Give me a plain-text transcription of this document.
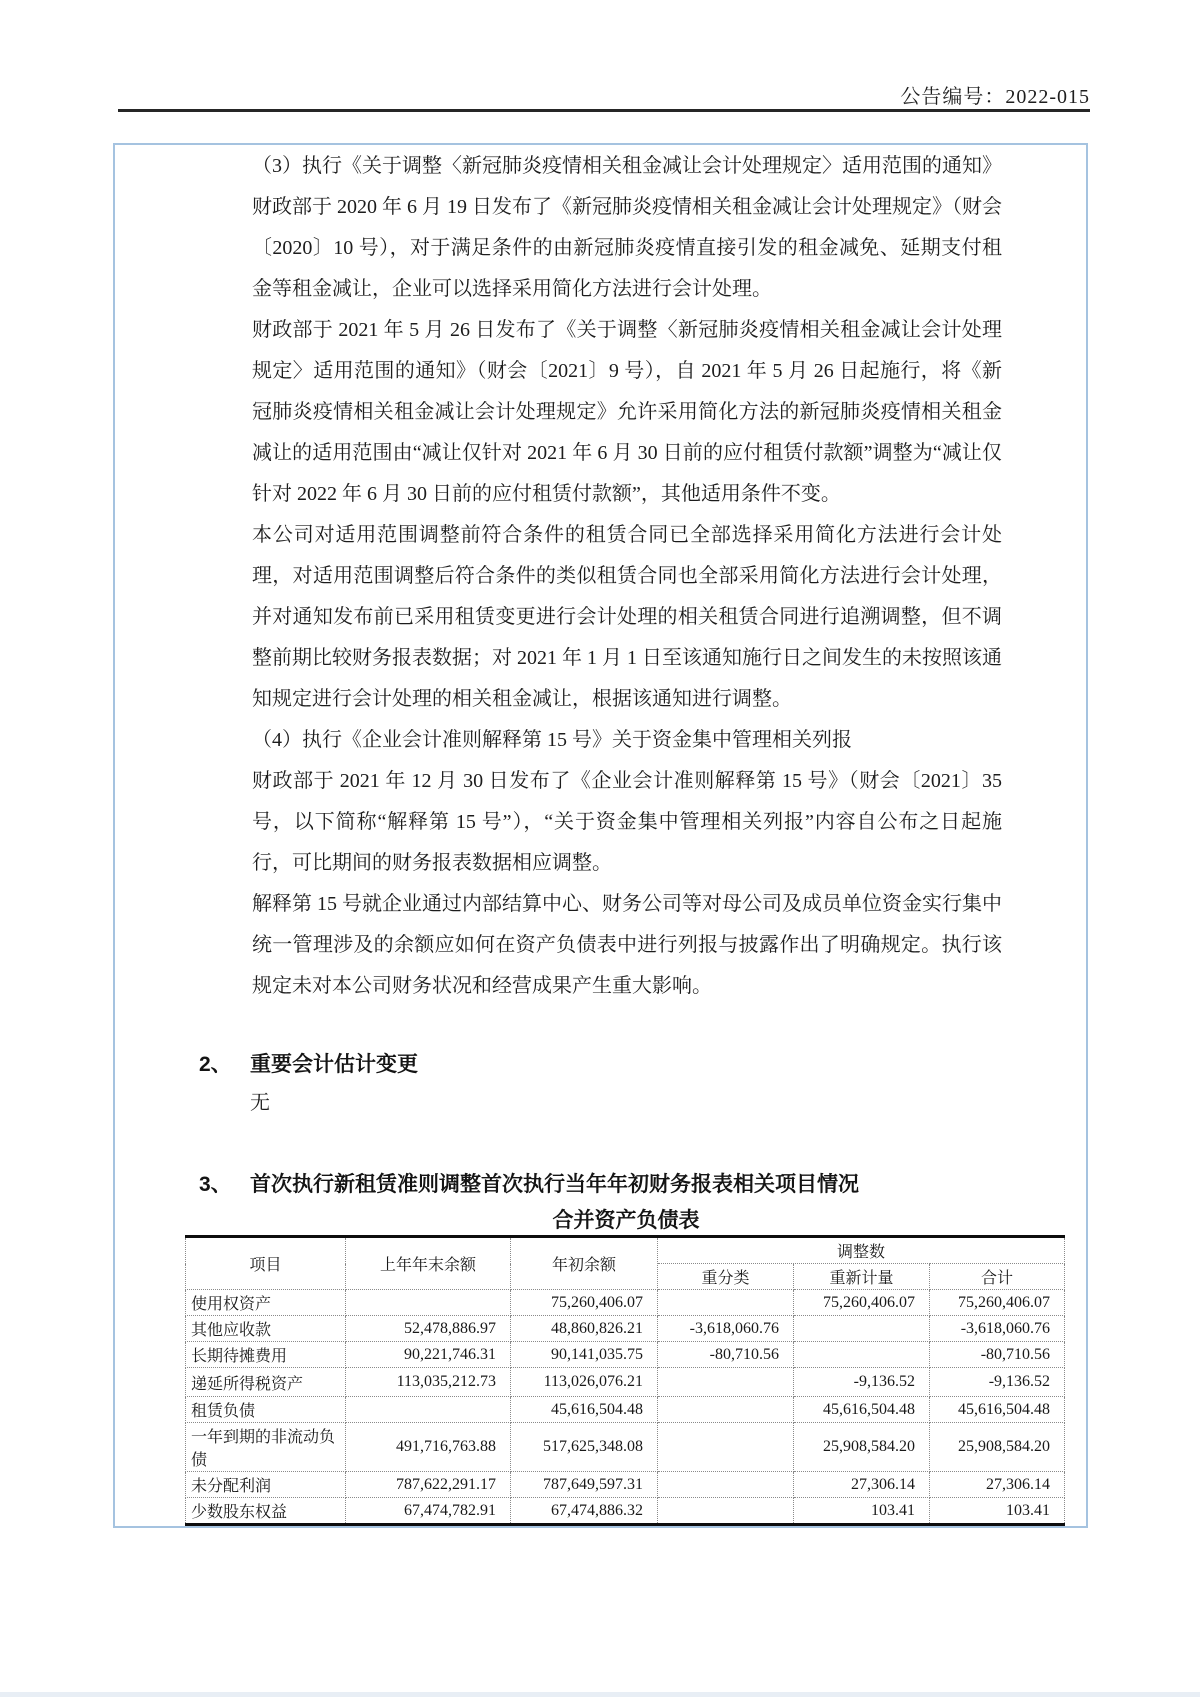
公告编号：2022-015

（3）执行《关于调整〈新冠肺炎疫情相关租金减让会计处理规定〉适用范围的通知》

财政部于 2020 年 6 月 19 日发布了《新冠肺炎疫情相关租金减让会计处理规定》（财会〔2020〕10 号），对于满足条件的由新冠肺炎疫情直接引发的租金减免、延期支付租金等租金减让，企业可以选择采用简化方法进行会计处理。

财政部于 2021 年 5 月 26 日发布了《关于调整〈新冠肺炎疫情相关租金减让会计处理规定〉适用范围的通知》（财会〔2021〕9 号），自 2021 年 5 月 26 日起施行，将《新冠肺炎疫情相关租金减让会计处理规定》允许采用简化方法的新冠肺炎疫情相关租金减让的适用范围由“减让仅针对 2021 年 6 月 30 日前的应付租赁付款额”调整为“减让仅针对 2022 年 6 月 30 日前的应付租赁付款额”，其他适用条件不变。

本公司对适用范围调整前符合条件的租赁合同已全部选择采用简化方法进行会计处理，对适用范围调整后符合条件的类似租赁合同也全部采用简化方法进行会计处理，并对通知发布前已采用租赁变更进行会计处理的相关租赁合同进行追溯调整，但不调整前期比较财务报表数据；对 2021 年 1 月 1 日至该通知施行日之间发生的未按照该通知规定进行会计处理的相关租金减让，根据该通知进行调整。

（4）执行《企业会计准则解释第 15 号》关于资金集中管理相关列报

财政部于 2021 年 12 月 30 日发布了《企业会计准则解释第 15 号》（财会〔2021〕35 号，以下简称“解释第 15 号”），“关于资金集中管理相关列报”内容自公布之日起施行，可比期间的财务报表数据相应调整。

解释第 15 号就企业通过内部结算中心、财务公司等对母公司及成员单位资金实行集中统一管理涉及的余额应如何在资产负债表中进行列报与披露作出了明确规定。执行该规定未对本公司财务状况和经营成果产生重大影响。

2、 重要会计估计变更
无
3、 首次执行新租赁准则调整首次执行当年年初财务报表相关项目情况
合并资产负债表
项目	上年年末余额	年初余额	调整数		
			重分类	重新计量	合计
使用权资产		75,260,406.07		75,260,406.07	75,260,406.07
其他应收款	52,478,886.97	48,860,826.21	-3,618,060.76		-3,618,060.76
长期待摊费用	90,221,746.31	90,141,035.75	-80,710.56		-80,710.56
递延所得税资产	113,035,212.73	113,026,076.21		-9,136.52	-9,136.52
租赁负债		45,616,504.48		45,616,504.48	45,616,504.48
一年到期的非流动负债	491,716,763.88	517,625,348.08		25,908,584.20	25,908,584.20
未分配利润	787,622,291.17	787,649,597.31		27,306.14	27,306.14
少数股东权益	67,474,782.91	67,474,886.32		103.41	103.41
